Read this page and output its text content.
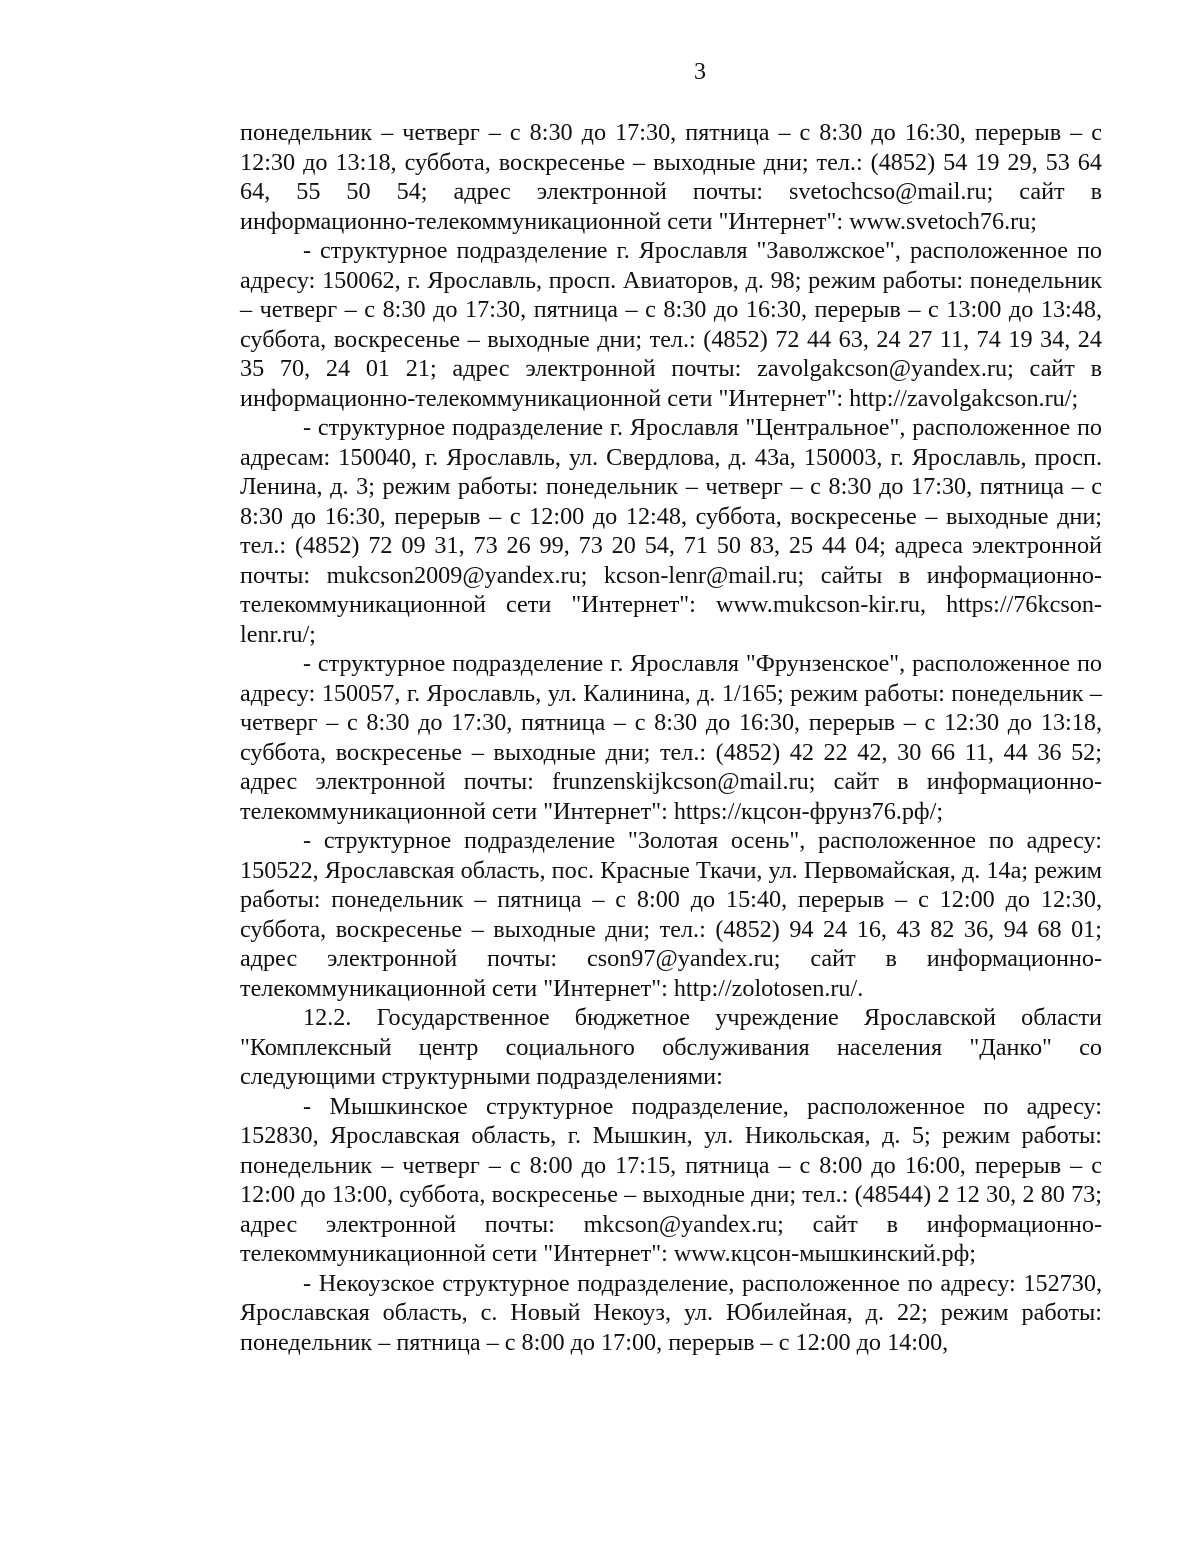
3

понедельник – четверг – с 8:30 до 17:30, пятница – с 8:30 до 16:30, перерыв – с 12:30 до 13:18, суббота, воскресенье – выходные дни; тел.: (4852) 54 19 29, 53 64 64, 55 50 54; адрес электронной почты: svetochcso@mail.ru; сайт в информационно-телекоммуникационной сети "Интернет": www.svetoch76.ru;

- структурное подразделение г. Ярославля "Заволжское", расположенное по адресу: 150062, г. Ярославль, просп. Авиаторов, д. 98; режим работы: понедельник – четверг – с 8:30 до 17:30, пятница – с 8:30 до 16:30, перерыв – с 13:00 до 13:48, суббота, воскресенье – выходные дни; тел.: (4852) 72 44 63, 24 27 11, 74 19 34, 24 35 70, 24 01 21; адрес электронной почты: zavolgakcson@yandex.ru; сайт в информационно-телекоммуникационной сети "Интернет": http://zavolgakcson.ru/;

- структурное подразделение г. Ярославля "Центральное", расположенное по адресам: 150040, г. Ярославль, ул. Свердлова, д. 43а, 150003, г. Ярославль, просп. Ленина, д. 3; режим работы: понедельник – четверг – с 8:30 до 17:30, пятница – с 8:30 до 16:30, перерыв – с 12:00 до 12:48, суббота, воскресенье – выходные дни; тел.: (4852) 72 09 31, 73 26 99, 73 20 54, 71 50 83, 25 44 04; адреса электронной почты: mukcson2009@yandex.ru; kcson-lenr@mail.ru; сайты в информационно-телекоммуникационной сети "Интернет": www.mukcson-kir.ru, https://76kcson-lenr.ru/;

- структурное подразделение г. Ярославля "Фрунзенское", расположенное по адресу: 150057, г. Ярославль, ул. Калинина, д. 1/165; режим работы: понедельник – четверг – с 8:30 до 17:30, пятница – с 8:30 до 16:30, перерыв – с 12:30 до 13:18, суббота, воскресенье – выходные дни; тел.: (4852) 42 22 42, 30 66 11, 44 36 52; адрес электронной почты: frunzenskijkcson@mail.ru; сайт в информационно-телекоммуникационной сети "Интернет": https://кцсон-фрунз76.рф/;

- структурное подразделение "Золотая осень", расположенное по адресу: 150522, Ярославская область, пос. Красные Ткачи, ул. Первомайская, д. 14а; режим работы: понедельник – пятница – с 8:00 до 15:40, перерыв – с 12:00 до 12:30, суббота, воскресенье – выходные дни; тел.: (4852) 94 24 16, 43 82 36, 94 68 01; адрес электронной почты: cson97@yandex.ru; сайт в информационно-телекоммуникационной сети "Интернет": http://zolotosen.ru/.

12.2. Государственное бюджетное учреждение Ярославской области "Комплексный центр социального обслуживания населения "Данко" со следующими структурными подразделениями:

- Мышкинское структурное подразделение, расположенное по адресу: 152830, Ярославская область, г. Мышкин, ул. Никольская, д. 5; режим работы: понедельник – четверг – с 8:00 до 17:15, пятница – с 8:00 до 16:00, перерыв – с 12:00 до 13:00, суббота, воскресенье – выходные дни; тел.: (48544) 2 12 30, 2 80 73; адрес электронной почты: mkcson@yandex.ru; сайт в информационно-телекоммуникационной сети "Интернет": www.кцсон-мышкинский.рф;

- Некоузское структурное подразделение, расположенное по адресу: 152730, Ярославская область, с. Новый Некоуз, ул. Юбилейная, д. 22; режим работы: понедельник – пятница – с 8:00 до 17:00, перерыв – с 12:00 до 14:00,
